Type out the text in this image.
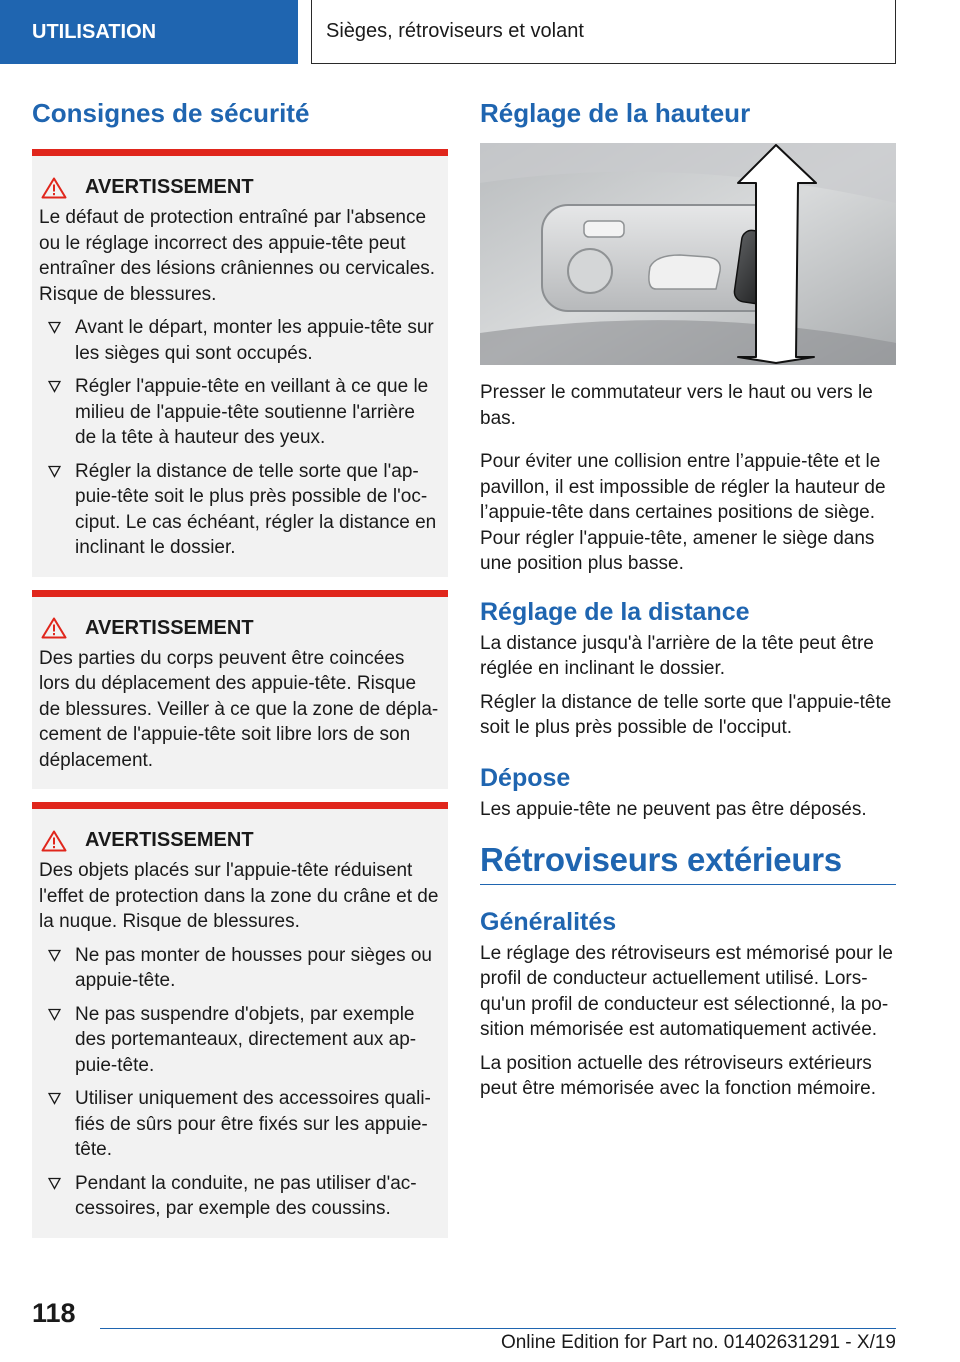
UTILISATION	Sièges, rétroviseurs et volant
Consignes de sécurité
AVERTISSEMENT

Le défaut de protection entraîné par l'absence ou le réglage incorrect des appuie-tête peut entraîner des lésions crâniennes ou cervicales. Risque de blessures.

Avant le départ, monter les appuie-tête sur les sièges qui sont occupés.
Régler l'appuie-tête en veillant à ce que le milieu de l'appuie-tête soutienne l'arrière de la tête à hauteur des yeux.
Régler la distance de telle sorte que l'ap‐ puie-tête soit le plus près possible de l'oc‐ ciput. Le cas échéant, régler la distance en inclinant le dossier.
AVERTISSEMENT

Des parties du corps peuvent être coincées lors du déplacement des appuie-tête. Risque de blessures. Veiller à ce que la zone de dépla‐ cement de l'appuie-tête soit libre lors de son déplacement.

AVERTISSEMENT

Des objets placés sur l'appuie-tête réduisent l'effet de protection dans la zone du crâne et de la nuque. Risque de blessures.

Ne pas monter de housses pour sièges ou appuie-tête.
Ne pas suspendre d'objets, par exemple des portemanteaux, directement aux ap‐ puie-tête.
Utiliser uniquement des accessoires quali‐ fiés de sûrs pour être fixés sur les appuie- tête.
Pendant la conduite, ne pas utiliser d'ac‐ cessoires, par exemple des coussins.
Réglage de la hauteur

Presser le commutateur vers le haut ou vers le bas.

Pour éviter une collision entre l’appuie-tête et le pavillon, il est impossible de régler la hauteur de l’appuie-tête dans certaines positions de siège. Pour régler l'appuie-tête, amener le siège dans une position plus basse.

Réglage de la distance

La distance jusqu'à l'arrière de la tête peut être réglée en inclinant le dossier.

Régler la distance de telle sorte que l'appuie-tête soit le plus près possible de l'occiput.

Dépose

Les appuie-tête ne peuvent pas être déposés.

Rétroviseurs extérieurs
Généralités

Le réglage des rétroviseurs est mémorisé pour le profil de conducteur actuellement utilisé. Lors‐ qu'un profil de conducteur est sélectionné, la po‐ sition mémorisée est automatiquement activée.

La position actuelle des rétroviseurs extérieurs peut être mémorisée avec la fonction mémoire.

118
Online Edition for Part no. 01402631291 - X/19
